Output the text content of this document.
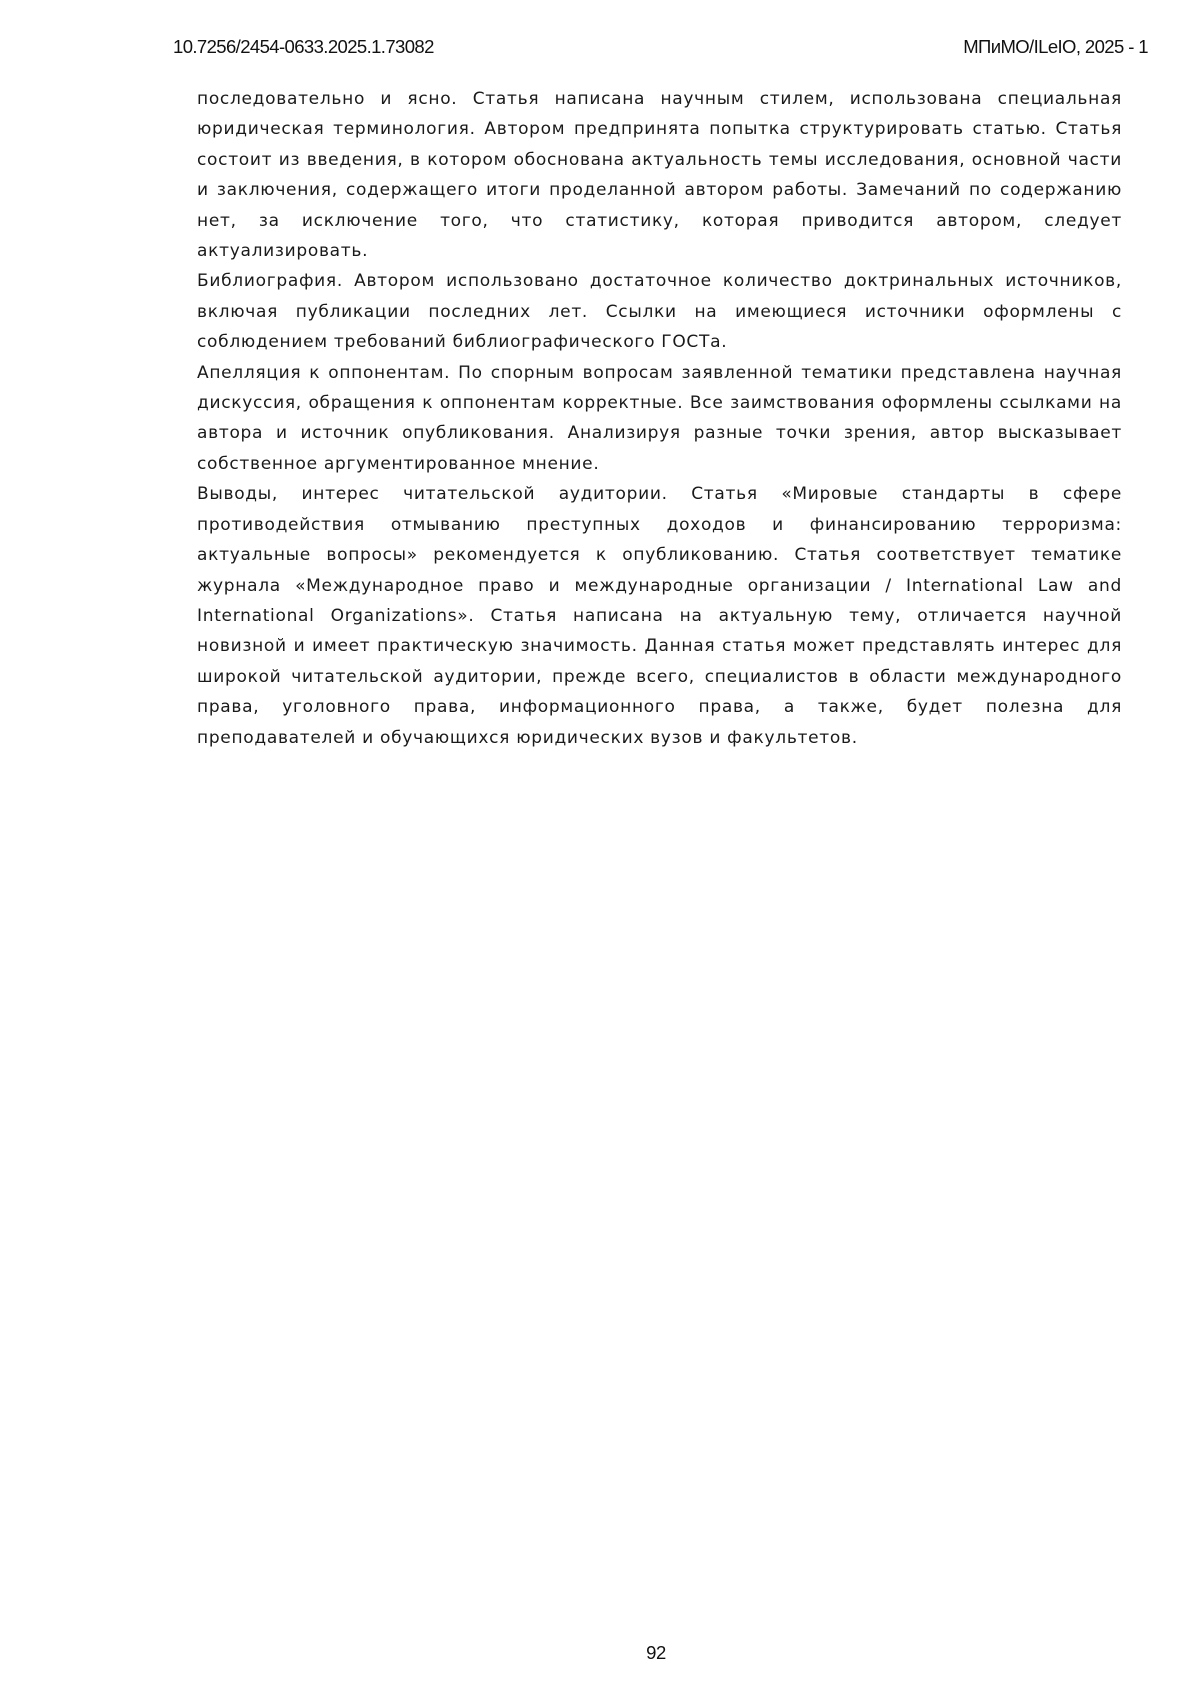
10.7256/2454-0633.2025.1.73082	МПиМО/ILeIO, 2025 - 1

последовательно и ясно. Статья написана научным стилем, использована специальная юридическая терминология. Автором предпринята попытка структурировать статью. Статья состоит из введения, в котором обоснована актуальность темы исследования, основной части и заключения, содержащего итоги проделанной автором работы. Замечаний по содержанию нет, за исключение того, что статистику, которая приводится автором, следует актуализировать.

Библиография. Автором использовано достаточное количество доктринальных источников, включая публикации последних лет. Ссылки на имеющиеся источники оформлены с соблюдением требований библиографического ГОСТа.

Апелляция к оппонентам. По спорным вопросам заявленной тематики представлена научная дискуссия, обращения к оппонентам корректные. Все заимствования оформлены ссылками на автора и источник опубликования. Анализируя разные точки зрения, автор высказывает собственное аргументированное мнение.

Выводы, интерес читательской аудитории. Статья «Мировые стандарты в сфере противодействия отмыванию преступных доходов и финансированию терроризма: актуальные вопросы» рекомендуется к опубликованию. Статья соответствует тематике журнала «Международное право и международные организации / International Law and International Organizations». Статья написана на актуальную тему, отличается научной новизной и имеет практическую значимость. Данная статья может представлять интерес для широкой читательской аудитории, прежде всего, специалистов в области международного права, уголовного права, информационного права, а также, будет полезна для преподавателей и обучающихся юридических вузов и факультетов.

92
